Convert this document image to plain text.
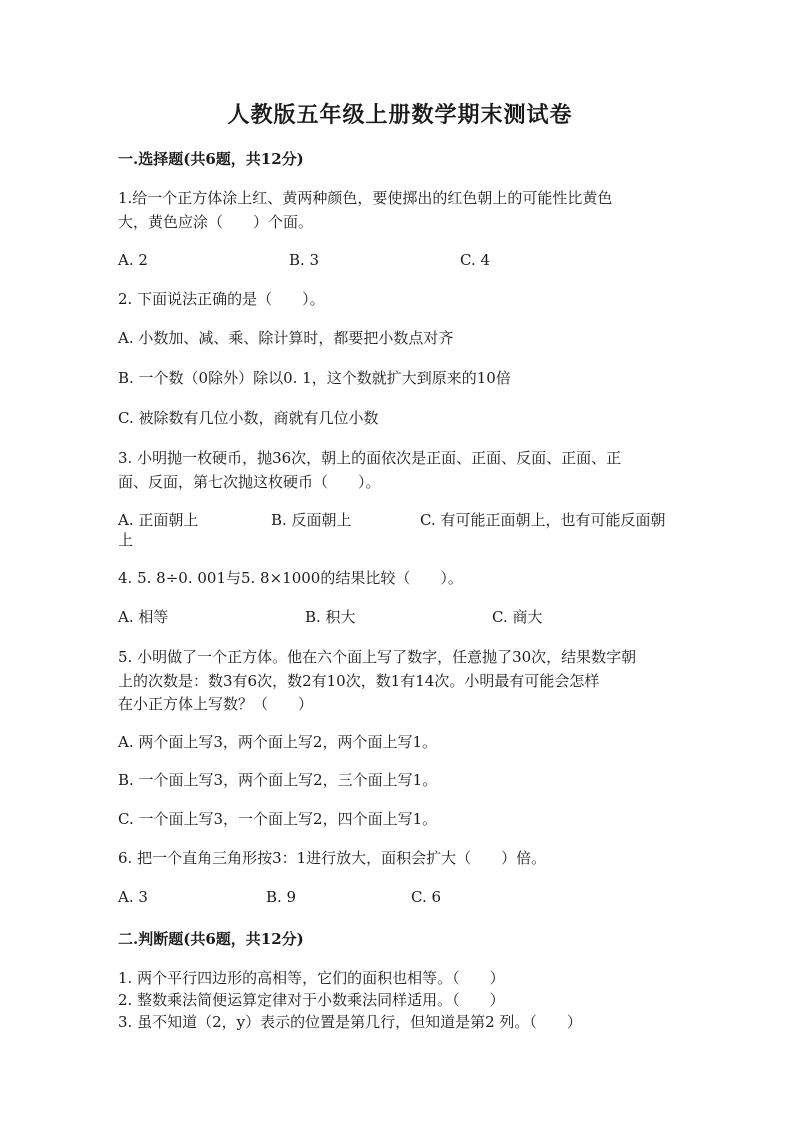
人教版五年级上册数学期末测试卷
一.选择题(共6题，共12分)
1.给一个正方体涂上红、黄两种颜色，要使掷出的红色朝上的可能性比黄色
大，黄色应涂（　　）个面。
A. 2	B. 3	C. 4
2. 下面说法正确的是（　　）。
A. 小数加、减、乘、除计算时，都要把小数点对齐
B. 一个数（0除外）除以0. 1，这个数就扩大到原来的10倍
C. 被除数有几位小数，商就有几位小数
3. 小明抛一枚硬币，抛36次，朝上的面依次是正面、正面、反面、正面、正
面、反面，第七次抛这枚硬币（　　）。
A. 正面朝上	B. 反面朝上	C. 有可能正面朝上，也有可能反面朝
上
4. 5. 8÷0. 001与5. 8×1000的结果比较（　　）。
A. 相等	B. 积大	C. 商大
5. 小明做了一个正方体。他在六个面上写了数字，任意抛了30次，结果数字朝
上的次数是：数3有6次，数2有10次，数1有14次。小明最有可能会怎样
在小正方体上写数？（　　）
A. 两个面上写3，两个面上写2，两个面上写1。
B. 一个面上写3，两个面上写2，三个面上写1。
C. 一个面上写3，一个面上写2，四个面上写1。
6. 把一个直角三角形按3：1进行放大，面积会扩大（　　）倍。
A. 3	B. 9	C. 6
二.判断题(共6题，共12分)
1. 两个平行四边形的高相等，它们的面积也相等。（　　）
2. 整数乘法简便运算定律对于小数乘法同样适用。（　　）
3. 虽不知道（2，y）表示的位置是第几行，但知道是第2 列。（　　）
